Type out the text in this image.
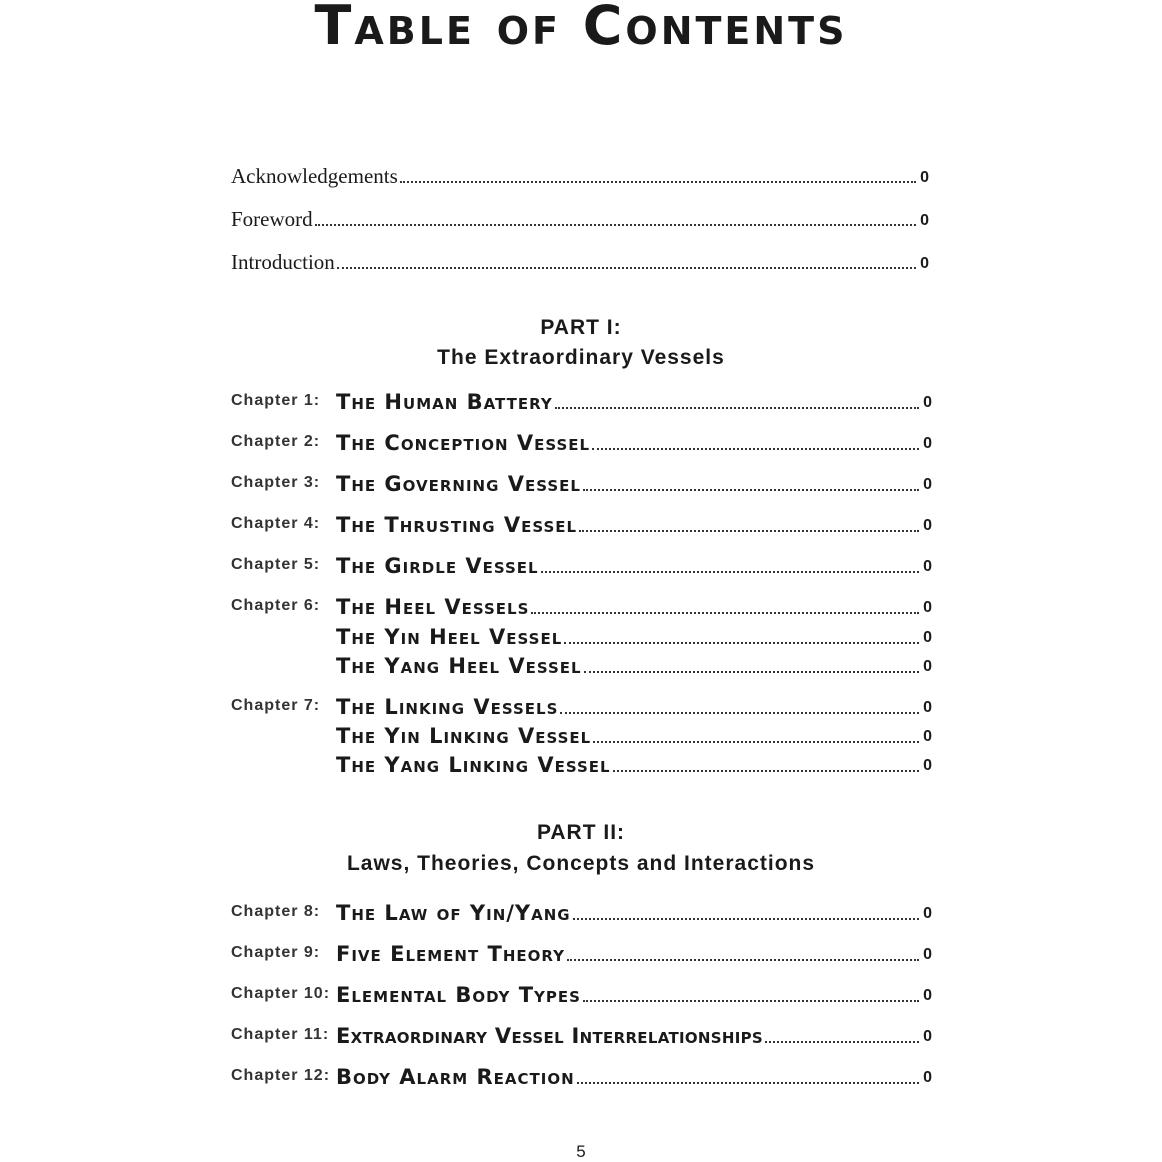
Table of Contents
Acknowledgements	0
Foreword	0
Introduction	0
PART I:
The Extraordinary Vessels
Chapter 1: The Human Battery	0
Chapter 2: The Conception Vessel	0
Chapter 3: The Governing Vessel	0
Chapter 4: The Thrusting Vessel	0
Chapter 5: The Girdle Vessel	0
Chapter 6: The Heel Vessels	0
The Yin Heel Vessel	0
The Yang Heel Vessel	0
Chapter 7: The Linking Vessels	0
The Yin Linking Vessel	0
The Yang Linking Vessel	0
PART II:
Laws, Theories, Concepts and Interactions
Chapter 8: The Law of Yin/Yang	0
Chapter 9: Five Element Theory	0
Chapter 10: Elemental Body Types	0
Chapter 11: Extraordinary Vessel Interrelationships	0
Chapter 12: Body Alarm Reaction	0
5
